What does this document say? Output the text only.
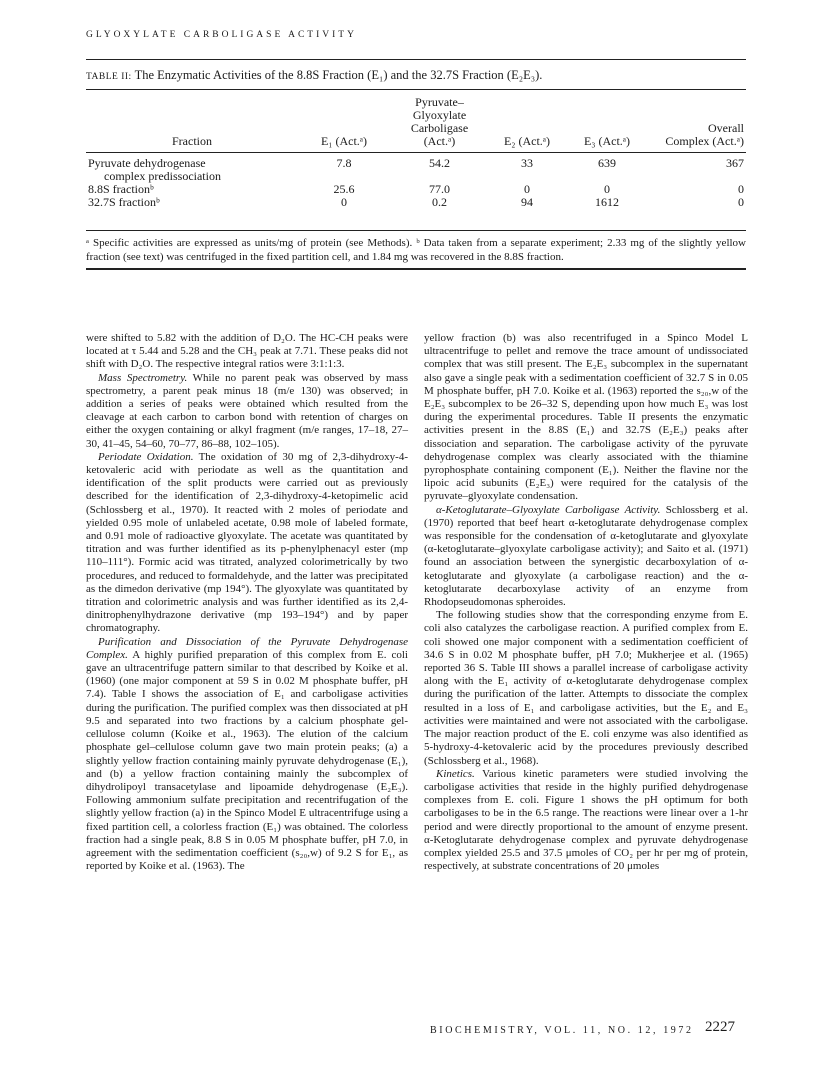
GLYOXYLATE CARBOLIGASE ACTIVITY
TABLE II: The Enzymatic Activities of the 8.8S Fraction (E₁) and the 32.7S Fraction (E₂E₃).
Fraction	E₁ (Act.ᵃ)	Pyruvate–
Glyoxylate
Carboligase
(Act.ᵃ)	E₂ (Act.ᵃ)	E₃ (Act.ᵃ)	Overall
Complex (Act.ᵃ)
Pyruvate dehydrogenase
complex predissociation	7.8	54.2	33	639	367
8.8S fractionᵇ	25.6	77.0	0	0	0
32.7S fractionᵇ	0	0.2	94	1612	0
ᵃ Specific activities are expressed as units/mg of protein (see Methods). ᵇ Data taken from a separate experiment; 2.33 mg of the slightly yellow fraction (see text) was centrifuged in the fixed partition cell, and 1.84 mg was recovered in the 8.8S fraction.

were shifted to 5.82 with the addition of D₂O. The HC-CH peaks were located at τ 5.44 and 5.28 and the CH₃ peak at 7.71. These peaks did not shift with D₂O. The respective integral ratios were 3:1:1:3.

Mass Spectrometry. While no parent peak was observed by mass spectrometry, a parent peak minus 18 (m/e 130) was observed; in addition a series of peaks were obtained which resulted from the cleavage at each carbon to carbon bond with retention of charges on either the oxygen containing or alkyl fragment (m/e ranges, 17–18, 27–30, 41–45, 54–60, 70–77, 86–88, 102–105).

Periodate Oxidation. The oxidation of 30 mg of 2,3-dihydroxy-4-ketovaleric acid with periodate as well as the quantitation and identification of the split products were carried out as previously described for the identification of 2,3-dihydroxy-4-ketopimelic acid (Schlossberg et al., 1970). It reacted with 2 moles of periodate and yielded 0.95 mole of unlabeled acetate, 0.98 mole of labeled formate, and 0.91 mole of radioactive glyoxylate. The acetate was quantitated by titration and was further identified as its p-phenylphenacyl ester (mp 110–111°). Formic acid was titrated, analyzed colorimetrically by two procedures, and reduced to formaldehyde, and the latter was precipitated as the dimedon derivative (mp 194°). The glyoxylate was quantitated by titration and colorimetric analysis and was further identified as its 2,4-dinitrophenylhydrazone derivative (mp 193–194°) and by paper chromatography.

Purification and Dissociation of the Pyruvate Dehydrogenase Complex. A highly purified preparation of this complex from E. coli gave an ultracentrifuge pattern similar to that described by Koike et al. (1960) (one major component at 59 S in 0.02 M phosphate buffer, pH 7.4). Table I shows the association of E₁ and carboligase activities during the purification. The purified complex was then dissociated at pH 9.5 and separated into two fractions by a calcium phosphate gel-cellulose column (Koike et al., 1963). The elution of the calcium phosphate gel–cellulose column gave two main protein peaks; (a) a slightly yellow fraction containing mainly pyruvate dehydrogenase (E₁), and (b) a yellow fraction containing mainly the subcomplex of dihydrolipoyl transacetylase and lipoamide dehydrogenase (E₂E₃). Following ammonium sulfate precipitation and recentrifugation of the slightly yellow fraction (a) in the Spinco Model E ultracentrifuge using a fixed partition cell, a colorless fraction (E₁) was obtained. The colorless fraction had a single peak, 8.8 S in 0.05 M phosphate buffer, pH 7.0, in agreement with the sedimentation coefficient (s₂₀,w) of 9.2 S for E₁, as reported by Koike et al. (1963). The

yellow fraction (b) was also recentrifuged in a Spinco Model L ultracentrifuge to pellet and remove the trace amount of undissociated complex that was still present. The E₂E₃ subcomplex in the supernatant also gave a single peak with a sedimentation coefficient of 32.7 S in 0.05 M phosphate buffer, pH 7.0. Koike et al. (1963) reported the s₂₀,w of the E₂E₃ subcomplex to be 26–32 S, depending upon how much E₃ was lost during the experimental procedures. Table II presents the enzymatic activities present in the 8.8S (E₁) and 32.7S (E₂E₃) peaks after dissociation and separation. The carboligase activity of the pyruvate dehydrogenase complex was clearly associated with the thiamine pyrophosphate containing component (E₁). Neither the flavine nor the lipoic acid subunits (E₂E₃) were required for the catalysis of the pyruvate–glyoxylate condensation.

α-Ketoglutarate–Glyoxylate Carboligase Activity. Schlossberg et al. (1970) reported that beef heart α-ketoglutarate dehydrogenase complex was responsible for the condensation of α-ketoglutarate and glyoxylate (α-ketoglutarate–glyoxylate carboligase activity); and Saito et al. (1971) found an association between the synergistic decarboxylation of α-ketoglutarate and glyoxylate (a carboligase reaction) and the α-ketoglutarate decarboxylase activity of an enzyme from Rhodopseudomonas spheroides.

The following studies show that the corresponding enzyme from E. coli also catalyzes the carboligase reaction. A purified complex from E. coli showed one major component with a sedimentation coefficient of 34.6 S in 0.02 M phosphate buffer, pH 7.0; Mukherjee et al. (1965) reported 36 S. Table III shows a parallel increase of carboligase activity along with the E₁ activity of α-ketoglutarate dehydrogenase complex during the purification of the latter. Attempts to dissociate the complex resulted in a loss of E₁ and carboligase activities, but the E₂ and E₃ activities were maintained and were not associated with the carboligase. The major reaction product of the E. coli enzyme was also identified as 5-hydroxy-4-ketovaleric acid by the procedures previously described (Schlossberg et al., 1968).

Kinetics. Various kinetic parameters were studied involving the carboligase activities that reside in the highly purified dehydrogenase complexes from E. coli. Figure 1 shows the pH optimum for both carboligases to be in the 6.5 range. The reactions were linear over a 1-hr period and were directly proportional to the amount of enzyme present. α-Ketoglutarate dehydrogenase complex and pyruvate dehydrogenase complex yielded 25.5 and 37.5 μmoles of CO₂ per hr per mg of protein, respectively, at substrate concentrations of 20 μmoles

BIOCHEMISTRY, VOL. 11, NO. 12, 1972 2227
